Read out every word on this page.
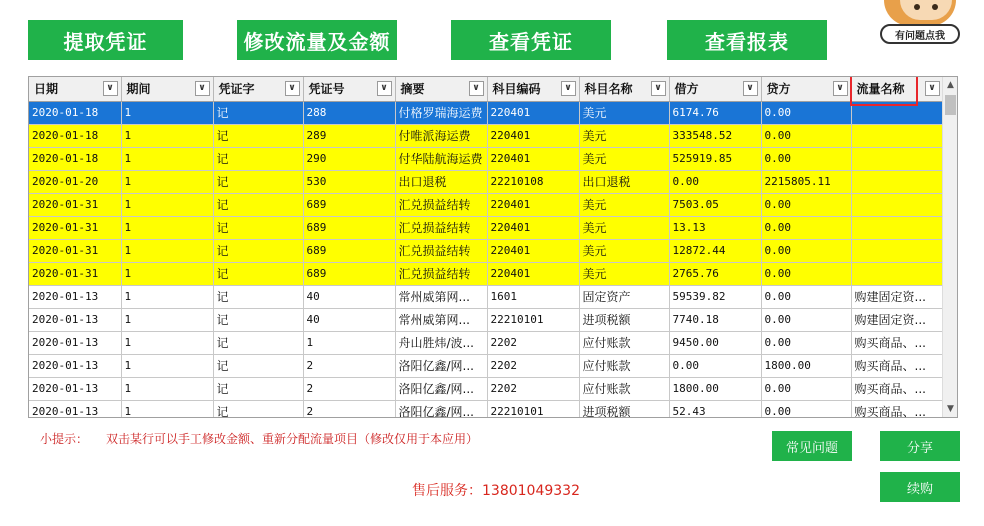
提取凭证	修改流量及金额	查看凭证	查看报表	有问题点我
日期 ∨	期间 ∨	凭证字 ∨	凭证号 ∨	摘要 ∨	科目编码 ∨	科目名称 ∨	借方 ∨	贷方 ∨	流量名称 ∨

2020-01-18	1	记	288	付格罗瑞海运费	220401	美元	6174.76	0.00	
2020-01-18	1	记	289	付唯派海运费	220401	美元	333548.52	0.00	
2020-01-18	1	记	290	付华陆航海运费	220401	美元	525919.85	0.00	
2020-01-20	1	记	530	出口退税	22210108	出口退税	0.00	2215805.11	
2020-01-31	1	记	689	汇兑损益结转	220401	美元	7503.05	0.00	
2020-01-31	1	记	689	汇兑损益结转	220401	美元	13.13	0.00	
2020-01-31	1	记	689	汇兑损益结转	220401	美元	12872.44	0.00	
2020-01-31	1	记	689	汇兑损益结转	220401	美元	2765.76	0.00	
2020-01-13	1	记	40	常州威第网...	1601	固定资产	59539.82	0.00	购建固定资...
2020-01-13	1	记	40	常州威第网...	22210101	进项税额	7740.18	0.00	购建固定资...
2020-01-13	1	记	1	舟山胜炜/波...	2202	应付账款	9450.00	0.00	购买商品、...
2020-01-13	1	记	2	洛阳亿鑫/网...	2202	应付账款	0.00	1800.00	购买商品、...
2020-01-13	1	记	2	洛阳亿鑫/网...	2202	应付账款	1800.00	0.00	购买商品、...
2020-01-13	1	记	2	洛阳亿鑫/网...	22210101	进项税额	52.43	0.00	购买商品、...
▲
▼
小提示： 双击某行可以手工修改金额、重新分配流量项目（修改仅用于本应用）
常见问题	分享
续购
售后服务：13801049332
